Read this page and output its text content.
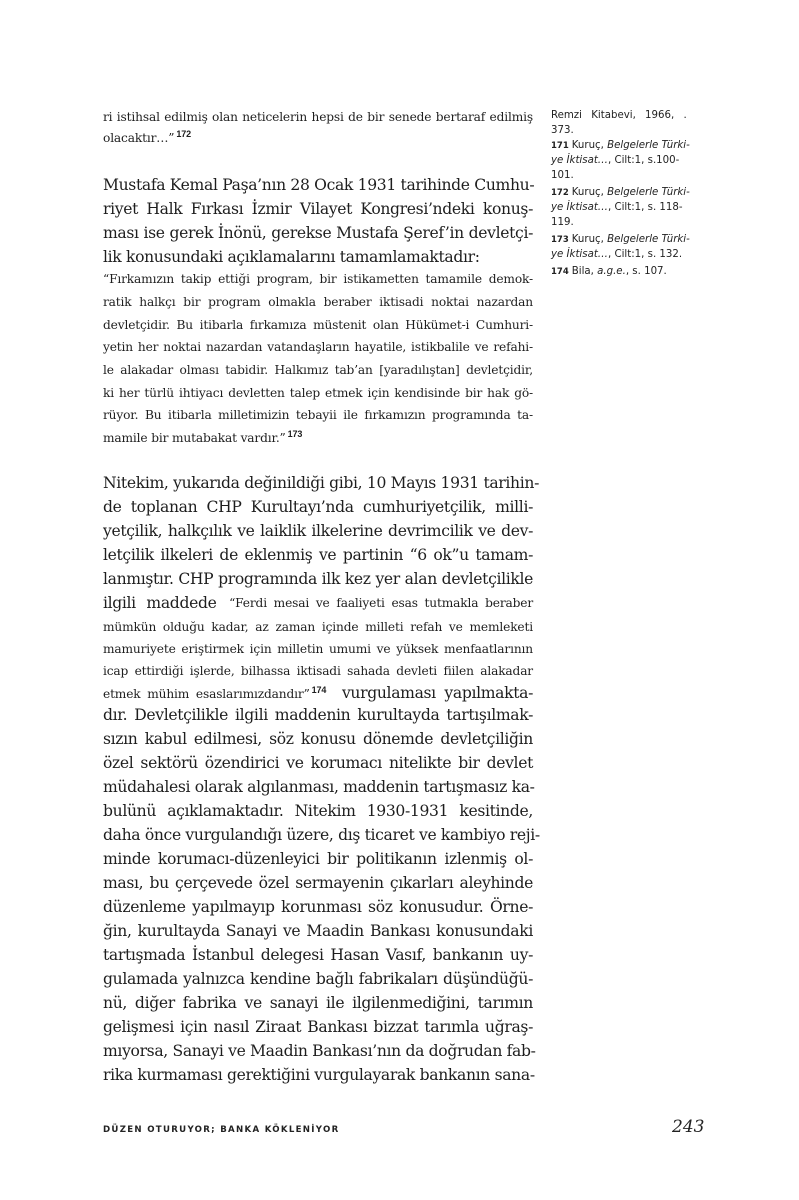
ri istihsal edilmiş olan neticelerin hepsi de bir senede bertaraf edilmiş
olacaktır…” $^{172}$
Mustafa Kemal Paşa’nın 28 Ocak 1931 tarihinde Cumhu-
riyet Halk Fırkası İzmir Vilayet Kongresi’ndeki konuş-
ması ise gerek İnönü, gerekse Mustafa Şeref’in devletçi-
lik konusundaki açıklamalarını tamamlamaktadır:
“Fırkamızın takip ettiği program, bir istikametten tamamile demok-
ratik halkçı bir program olmakla beraber iktisadi noktai nazardan
devletçidir. Bu itibarla fırkamıza müstenit olan Hükümet-i Cumhuri-
yetin her noktai nazardan vatandaşların hayatile, istikbalile ve refahi-
le alakadar olması tabidir. Halkımız tab’an [yaradılıştan] devletçidir,
ki her türlü ihtiyacı devletten talep etmek için kendisinde bir hak gö-
rüyor. Bu itibarla milletimizin tebayii ile fırkamızın programında ta-
mamile bir mutabakat vardır.” $^{173}$
Nitekim, yukarıda değinildiği gibi, 10 Mayıs 1931 tarihin-
de toplanan CHP Kurultayı’nda cumhuriyetçilik, milli-
yetçilik, halkçılık ve laiklik ilkelerine devrimcilik ve dev-
letçilik ilkeleri de eklenmiş ve partinin “6 ok”u tamam-
lanmıştır. CHP programında ilk kez yer alan devletçilikle
ilgili maddede “Ferdi mesai ve faaliyeti esas tutmakla beraber
mümkün olduğu kadar, az zaman içinde milleti refah ve memleketi
mamuriyete eriştirmek için milletin umumi ve yüksek menfaatlarının
icap ettirdiği işlerde, bilhassa iktisadi sahada devleti fiilen alakadar
etmek mühim esaslarımızdandır” $^{174}$ vurgulaması yapılmakta-
dır. Devletçilikle ilgili maddenin kurultayda tartışılmak-
sızın kabul edilmesi, söz konusu dönemde devletçiliğin
özel sektörü özendirici ve korumacı nitelikte bir devlet
müdahalesi olarak algılanması, maddenin tartışmasız ka-
bulünü açıklamaktadır. Nitekim 1930-1931 kesitinde,
daha önce vurgulandığı üzere, dış ticaret ve kambiyo reji-
minde korumacı-düzenleyici bir politikanın izlenmiş ol-
ması, bu çerçevede özel sermayenin çıkarları aleyhinde
düzenleme yapılmayıp korunması söz konusudur. Örne-
ğin, kurultayda Sanayi ve Maadin Bankası konusundaki
tartışmada İstanbul delegesi Hasan Vasıf, bankanın uy-
gulamada yalnızca kendine bağlı fabrikaları düşündüğü-
nü, diğer fabrika ve sanayi ile ilgilenmediğini, tarımın
gelişmesi için nasıl Ziraat Bankası bizzat tarımla uğraş-
mıyorsa, Sanayi ve Maadin Bankası’nın da doğrudan fab-
rika kurmaması gerektiğini vurgulayarak bankanın sana-
Remzi Kitabevi, 1966, .
373.
171 Kuruç, Belgelerle Türki-
ye İktisat…, Cilt:1, s.100-
101.
172 Kuruç, Belgelerle Türki-
ye İktisat…, Cilt:1, s. 118-
119.
173 Kuruç, Belgelerle Türki-
ye İktisat…, Cilt:1, s. 132.
174 Bila, a.g.e., s. 107.
DÜZEN OTURUYOR; BANKA KÖKLENİYOR	243
